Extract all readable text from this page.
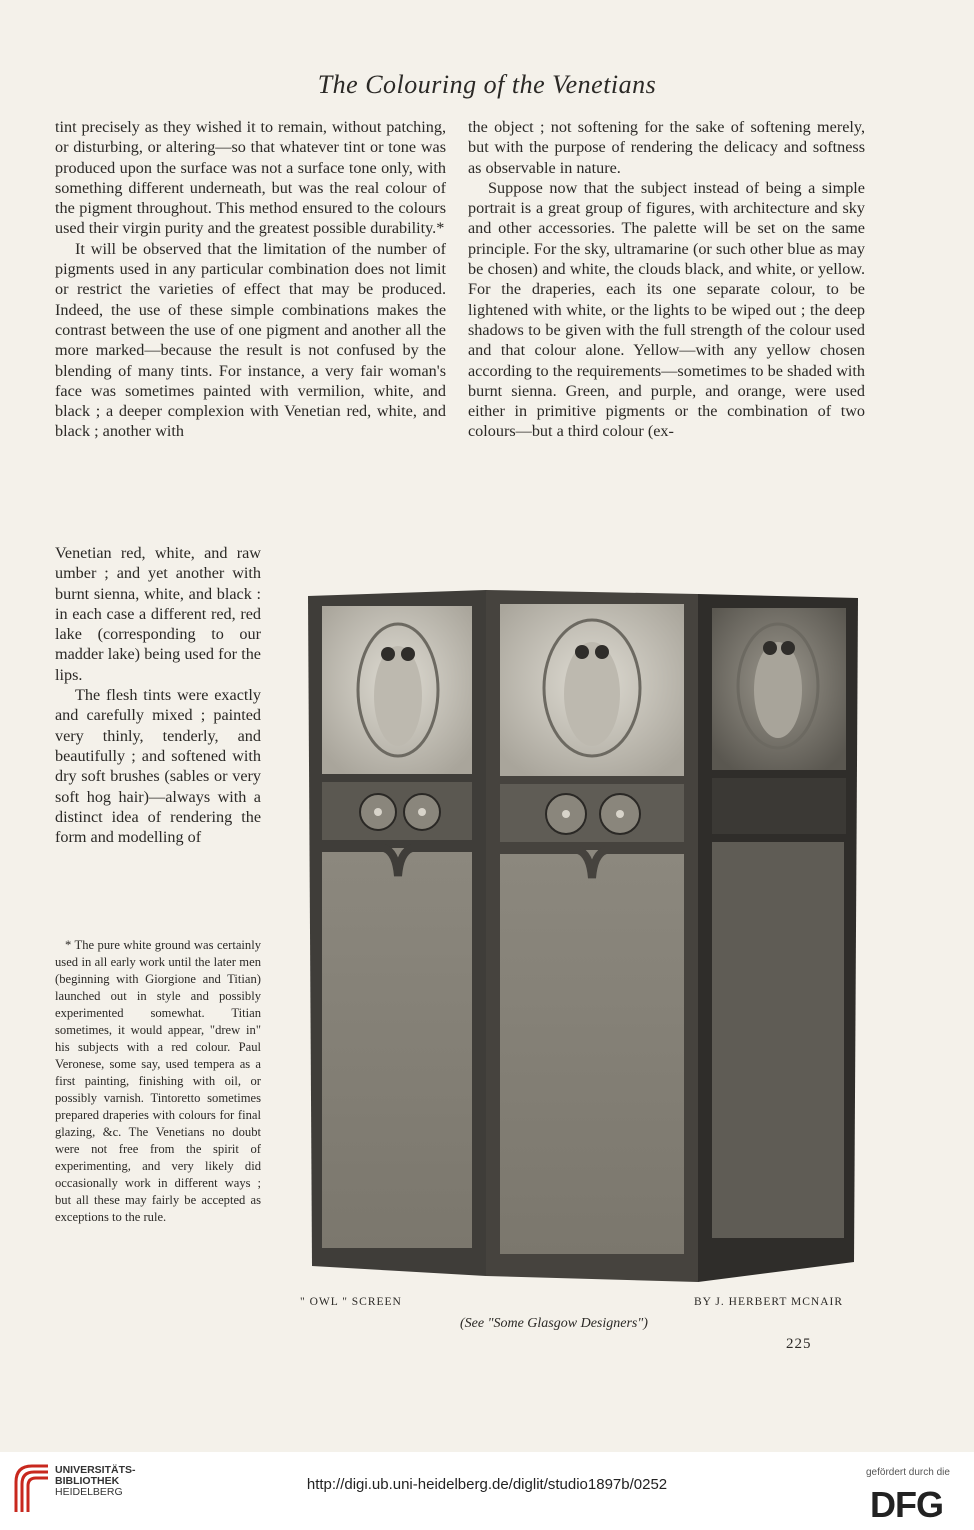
The Colouring of the Venetians

tint precisely as they wished it to remain, without patching, or disturbing, or altering—so that whatever tint or tone was produced upon the surface was not a surface tone only, with something different underneath, but was the real colour of the pigment throughout. This method ensured to the colours used their virgin purity and the greatest possible durability.*

It will be observed that the limitation of the number of pigments used in any particular combination does not limit or restrict the varieties of effect that may be produced. Indeed, the use of these simple combinations makes the contrast between the use of one pigment and another all the more marked—because the result is not confused by the blending of many tints. For instance, a very fair woman's face was sometimes painted with vermilion, white, and black ; a deeper complexion with Venetian red, white, and black ; another with

Venetian red, white, and raw umber ; and yet another with burnt sienna, white, and black : in each case a different red, red lake (corresponding to our madder lake) being used for the lips.

The flesh tints were exactly and carefully mixed ; painted very thinly, tenderly, and beautifully ; and softened with dry soft brushes (sables or very soft hog hair)—always with a distinct idea of rendering the form and modelling of

* The pure white ground was certainly used in all early work until the later men (beginning with Giorgione and Titian) launched out in style and possibly experimented somewhat. Titian sometimes, it would appear, "drew in" his subjects with a red colour. Paul Veronese, some say, used tempera as a first painting, finishing with oil, or possibly varnish. Tintoretto sometimes prepared draperies with colours for final glazing, &c. The Venetians no doubt were not free from the spirit of experimenting, and very likely did occasionally work in different ways ; but all these may fairly be accepted as exceptions to the rule.

the object ; not softening for the sake of softening merely, but with the purpose of rendering the delicacy and softness as observable in nature.

Suppose now that the subject instead of being a simple portrait is a great group of figures, with architecture and sky and other accessories. The palette will be set on the same principle. For the sky, ultramarine (or such other blue as may be chosen) and white, the clouds black, and white, or yellow. For the draperies, each its one separate colour, to be lightened with white, or the lights to be wiped out ; the deep shadows to be given with the full strength of the colour used and that colour alone. Yellow—with any yellow chosen according to the requirements—sometimes to be shaded with burnt sienna. Green, and purple, and orange, were used either in primitive pigments or the combination of two colours—but a third colour (ex-

" OWL " SCREEN	BY J. HERBERT MCNAIR
(See "Some Glasgow Designers")
225
UNIVERSITÄTS-
BIBLIOTHEK
HEIDELBERG	http://digi.ub.uni-heidelberg.de/diglit/studio1897b/0252
gefördert durch die
DFG
